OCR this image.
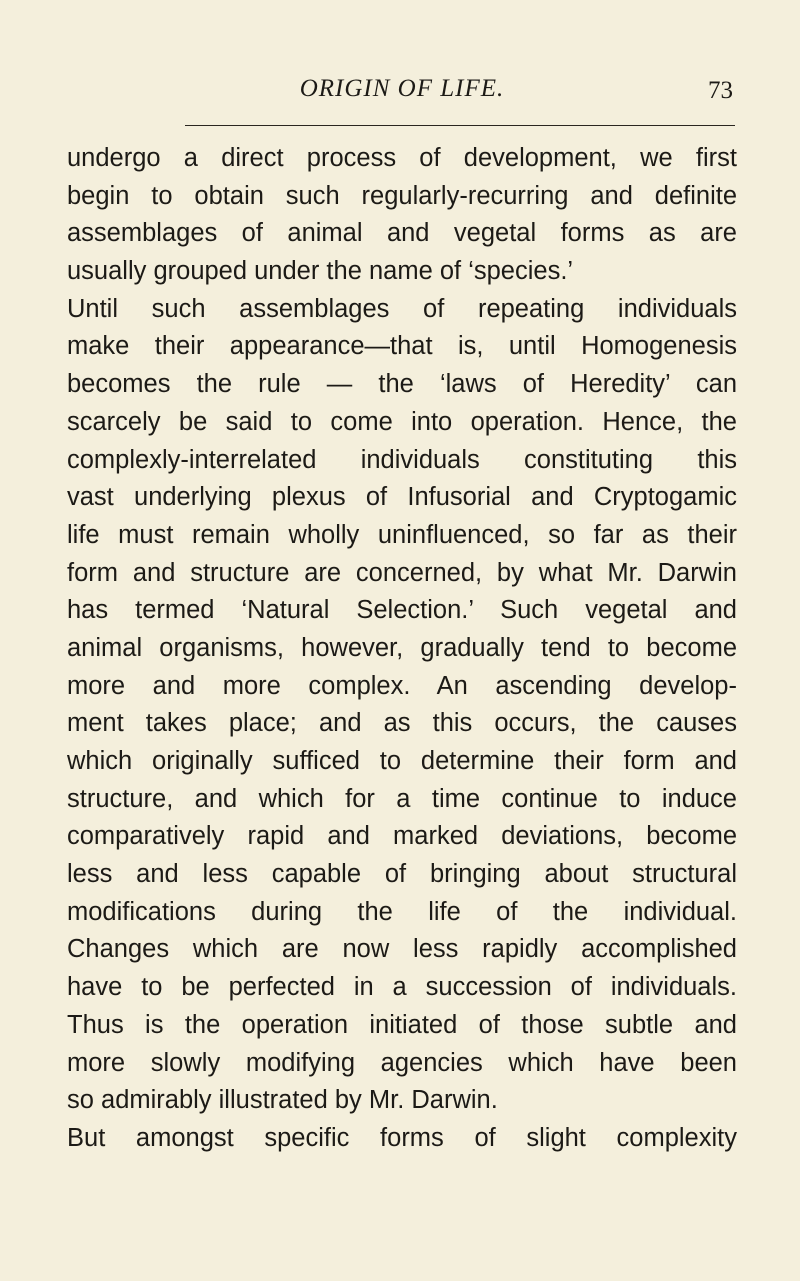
ORIGIN OF LIFE.	73
undergo a direct process of development, we first
begin to obtain such regularly-recurring and definite
assemblages of animal and vegetal forms as are
usually grouped under the name of ‘species.’
Until such assemblages of repeating individuals
make their appearance—that is, until Homogenesis
becomes the rule — the ‘laws of Heredity’ can
scarcely be said to come into operation. Hence, the
complexly-interrelated individuals constituting this
vast underlying plexus of Infusorial and Cryptogamic
life must remain wholly uninfluenced, so far as their
form and structure are concerned, by what Mr. Darwin
has termed ‘Natural Selection.’ Such vegetal and
animal organisms, however, gradually tend to become
more and more complex. An ascending develop-
ment takes place; and as this occurs, the causes
which originally sufficed to determine their form and
structure, and which for a time continue to induce
comparatively rapid and marked deviations, become
less and less capable of bringing about structural
modifications during the life of the individual.
Changes which are now less rapidly accomplished
have to be perfected in a succession of individuals.
Thus is the operation initiated of those subtle and
more slowly modifying agencies which have been
so admirably illustrated by Mr. Darwin.
But amongst specific forms of slight complexity
